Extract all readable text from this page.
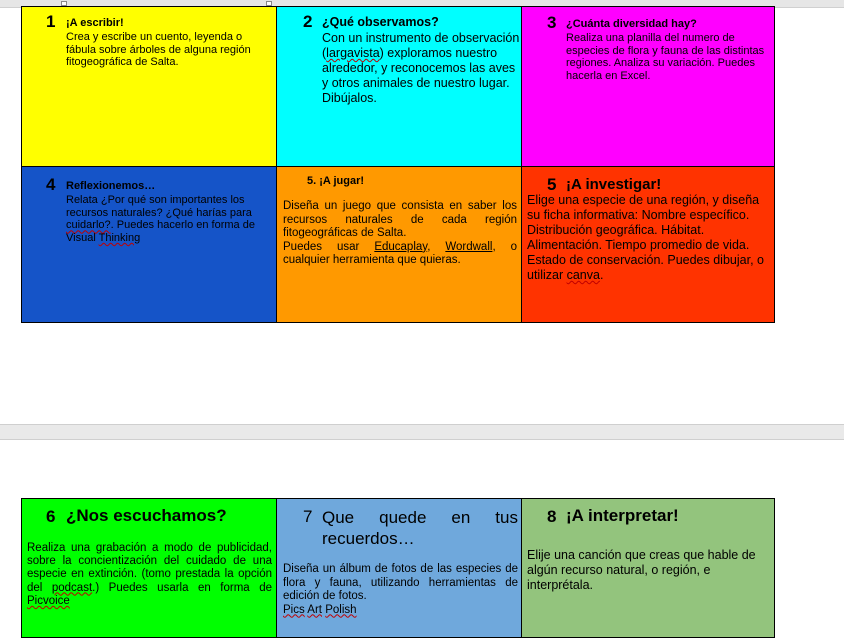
1 ¡A escribir!
Crea y escribe un cuento, leyenda o fábula sobre árboles de alguna región fitogeográfica de Salta.
2 ¿Qué observamos?
Con un instrumento de observación (largavista) exploramos nuestro alrededor, y reconocemos las aves y otros animales de nuestro lugar. Dibújalos.
3 ¿Cuánta diversidad hay?
Realiza una planilla del numero de especies de flora y fauna de las distintas regiones. Analiza su variación. Puedes hacerla en Excel.
4 Reflexionemos…
Relata ¿Por qué son importantes los recursos naturales? ¿Qué harías para cuidarlo?. Puedes hacerlo en forma de Visual Thinking
5. ¡A jugar!
Diseña un juego que consista en saber los recursos naturales de cada región fitogeográficas de Salta.
Puedes usar Educaplay, Wordwall, o cualquier herramienta que quieras.
5 ¡A investigar!
Elige una especie de una región, y diseña su ficha informativa: Nombre específico. Distribución geográfica. Hábitat. Alimentación. Tiempo promedio de vida. Estado de conservación. Puedes dibujar, o utilizar canva.
6 ¿Nos escuchamos?
Realiza una grabación a modo de publicidad, sobre la concientización del cuidado de una especie en extinción. (tomo prestada la opción del podcast.) Puedes usarla en forma de Picvoice
7 Que quede en tus recuerdos…
Diseña un álbum de fotos de las especies de flora y fauna, utilizando herramientas de edición de fotos.
Pics Art Polish
8 ¡A interpretar!
Elije una canción que creas que hable de algún recurso natural, o región, e interprétala.
